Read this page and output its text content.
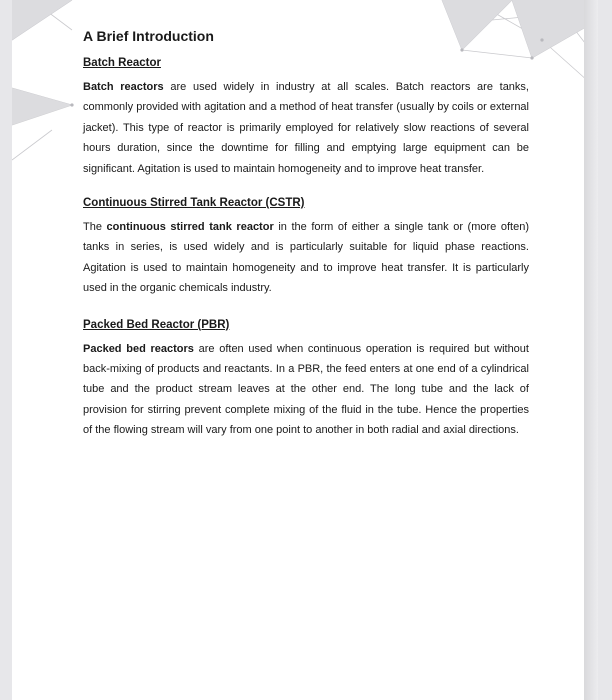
A Brief Introduction
Batch Reactor

Batch reactors are used widely in industry at all scales. Batch reactors are tanks, commonly provided with agitation and a method of heat transfer (usually by coils or external jacket). This type of reactor is primarily employed for relatively slow reactions of several hours duration, since the downtime for filling and emptying large equipment can be significant. Agitation is used to maintain homogeneity and to improve heat transfer.

Continuous Stirred Tank Reactor (CSTR)

The continuous stirred tank reactor in the form of either a single tank or (more often) tanks in series, is used widely and is particularly suitable for liquid phase reactions. Agitation is used to maintain homogeneity and to improve heat transfer. It is particularly used in the organic chemicals industry.

Packed Bed Reactor (PBR)

Packed bed reactors are often used when continuous operation is required but without back-mixing of products and reactants. In a PBR, the feed enters at one end of a cylindrical tube and the product stream leaves at the other end. The long tube and the lack of provision for stirring prevent complete mixing of the fluid in the tube. Hence the properties of the flowing stream will vary from one point to another in both radial and axial directions.
